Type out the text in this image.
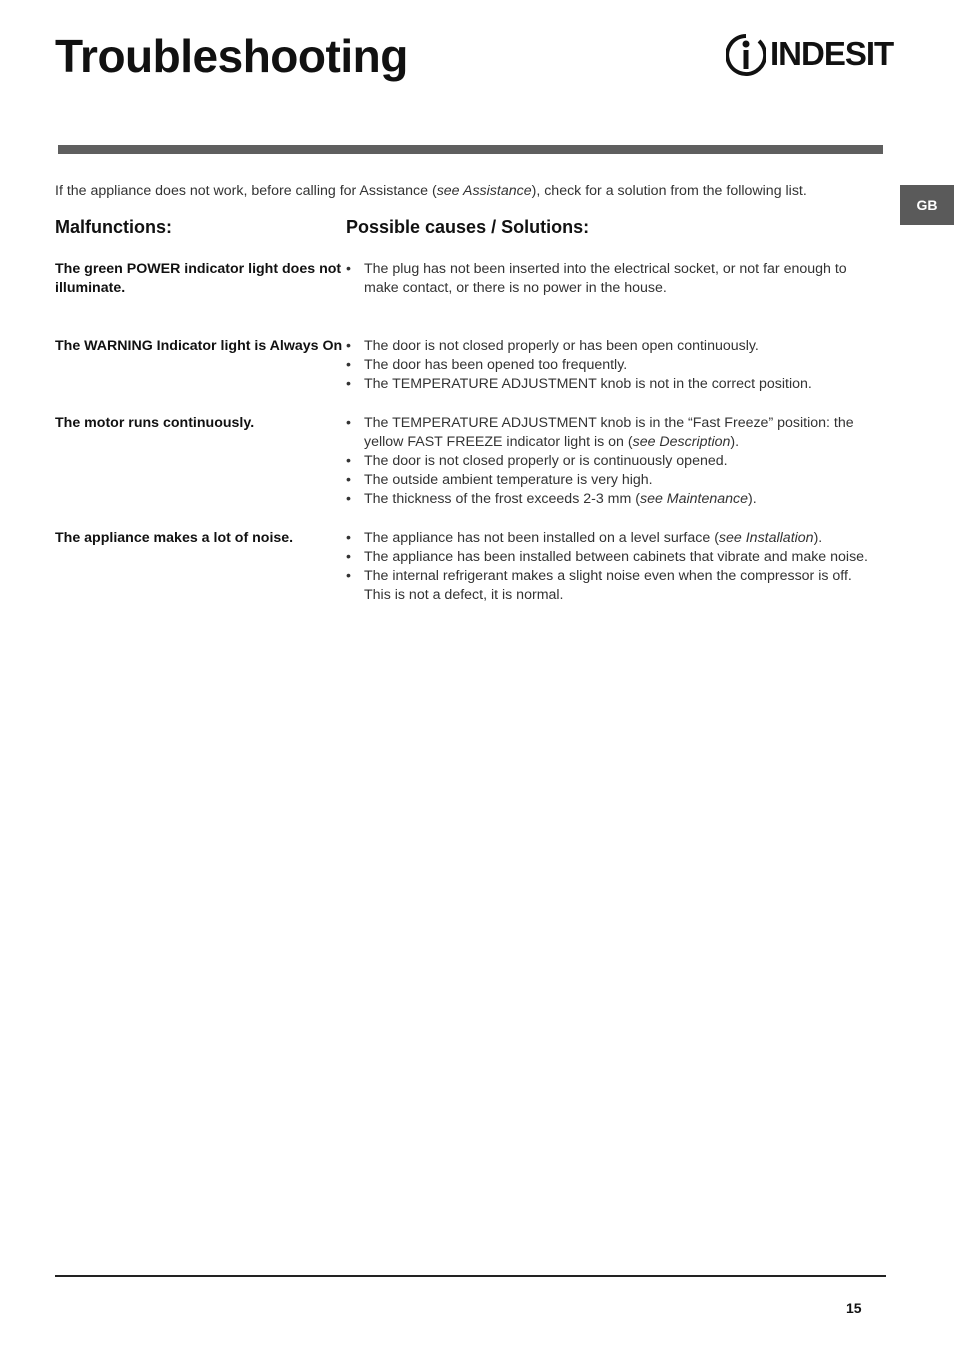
Troubleshooting	INDESIT
GB
If the appliance does not work, before calling for Assistance (see Assistance), check for a solution from the following list.
Malfunctions:	Possible causes / Solutions:
The green POWER indicator light does not illuminate.
• The plug has not been inserted into the electrical socket, or not far enough to make contact, or there is no power in the house.
The WARNING Indicator light is Always On	• The door is not closed properly or has been open continuously.
• The door has been opened too frequently.
• The TEMPERATURE ADJUSTMENT knob is not in the correct position.
The motor runs continuously.	• The TEMPERATURE ADJUSTMENT knob is in the “Fast Freeze” position: the yellow FAST FREEZE indicator light is on (see Description).
• The door is not closed properly or is continuously opened.
• The outside ambient temperature is very high.
• The thickness of the frost exceeds 2-3 mm (see Maintenance).
The appliance makes a lot of noise.	• The appliance has not been installed on a level surface (see Installation).
• The appliance has been installed between cabinets that vibrate and make noise.
• The internal refrigerant makes a slight noise even when the compressor is off. This is not a defect, it is normal.
15
